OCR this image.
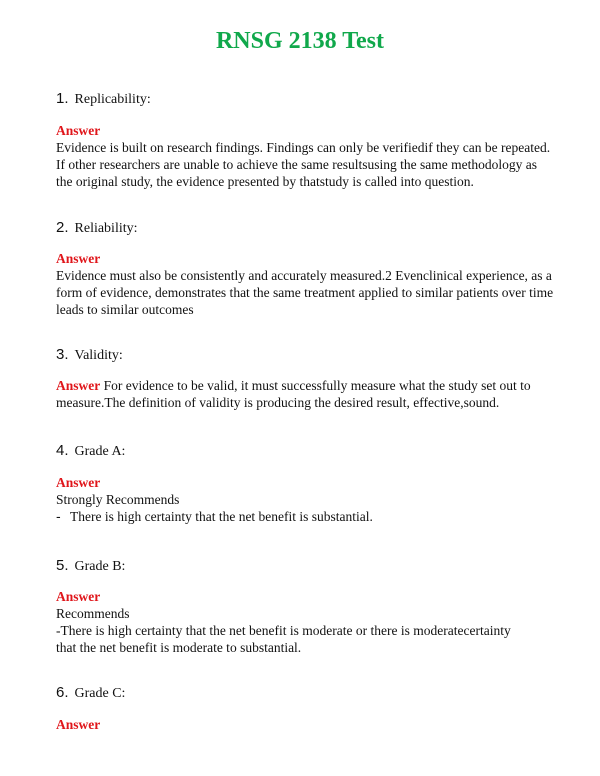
RNSG 2138 Test
1. Replicability:
Answer
Evidence is built on research findings. Findings can only be verifiedif they can be repeated. If other researchers are unable to achieve the same resultsusing the same methodology as the original study, the evidence presented by thatstudy is called into question.
2. Reliability:
Answer
Evidence must also be consistently and accurately measured.2 Evenclinical experience, as a form of evidence, demonstrates that the same treatment applied to similar patients over time leads to similar outcomes
3. Validity:
Answer For evidence to be valid, it must successfully measure what the study set out to measure.The definition of validity is producing the desired result, effective,sound.
4. Grade A:
Answer
Strongly Recommends
- There is high certainty that the net benefit is substantial.
5. Grade B:
Answer
Recommends
-There is high certainty that the net benefit is moderate or there is moderatecertainty that the net benefit is moderate to substantial.
6. Grade C:
Answer
